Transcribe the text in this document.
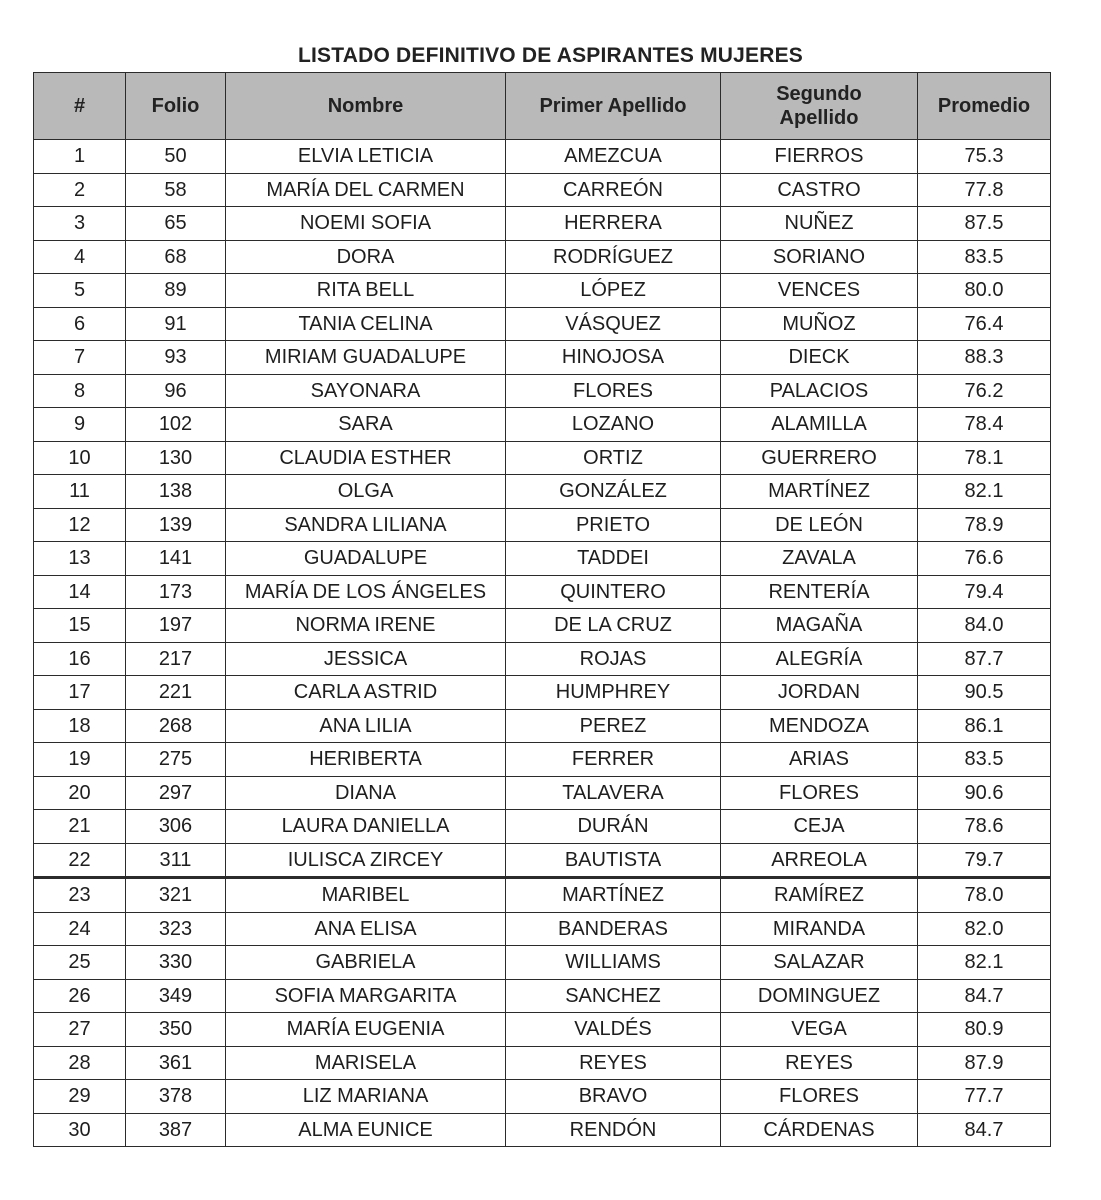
LISTADO DEFINITIVO DE ASPIRANTES MUJERES
#	Folio	Nombre	Primer Apellido	Segundo
Apellido	Promedio
1	50	ELVIA LETICIA	AMEZCUA	FIERROS	75.3
2	58	MARÍA DEL CARMEN	CARREÓN	CASTRO	77.8
3	65	NOEMI SOFIA	HERRERA	NUÑEZ	87.5
4	68	DORA	RODRÍGUEZ	SORIANO	83.5
5	89	RITA BELL	LÓPEZ	VENCES	80.0
6	91	TANIA CELINA	VÁSQUEZ	MUÑOZ	76.4
7	93	MIRIAM GUADALUPE	HINOJOSA	DIECK	88.3
8	96	SAYONARA	FLORES	PALACIOS	76.2
9	102	SARA	LOZANO	ALAMILLA	78.4
10	130	CLAUDIA ESTHER	ORTIZ	GUERRERO	78.1
11	138	OLGA	GONZÁLEZ	MARTÍNEZ	82.1
12	139	SANDRA LILIANA	PRIETO	DE LEÓN	78.9
13	141	GUADALUPE	TADDEI	ZAVALA	76.6
14	173	MARÍA DE LOS ÁNGELES	QUINTERO	RENTERÍA	79.4
15	197	NORMA IRENE	DE LA CRUZ	MAGAÑA	84.0
16	217	JESSICA	ROJAS	ALEGRÍA	87.7
17	221	CARLA ASTRID	HUMPHREY	JORDAN	90.5
18	268	ANA LILIA	PEREZ	MENDOZA	86.1
19	275	HERIBERTA	FERRER	ARIAS	83.5
20	297	DIANA	TALAVERA	FLORES	90.6
21	306	LAURA DANIELLA	DURÁN	CEJA	78.6
22	311	IULISCA ZIRCEY	BAUTISTA	ARREOLA	79.7
23	321	MARIBEL	MARTÍNEZ	RAMÍREZ	78.0
24	323	ANA ELISA	BANDERAS	MIRANDA	82.0
25	330	GABRIELA	WILLIAMS	SALAZAR	82.1
26	349	SOFIA MARGARITA	SANCHEZ	DOMINGUEZ	84.7
27	350	MARÍA EUGENIA	VALDÉS	VEGA	80.9
28	361	MARISELA	REYES	REYES	87.9
29	378	LIZ MARIANA	BRAVO	FLORES	77.7
30	387	ALMA EUNICE	RENDÓN	CÁRDENAS	84.7
